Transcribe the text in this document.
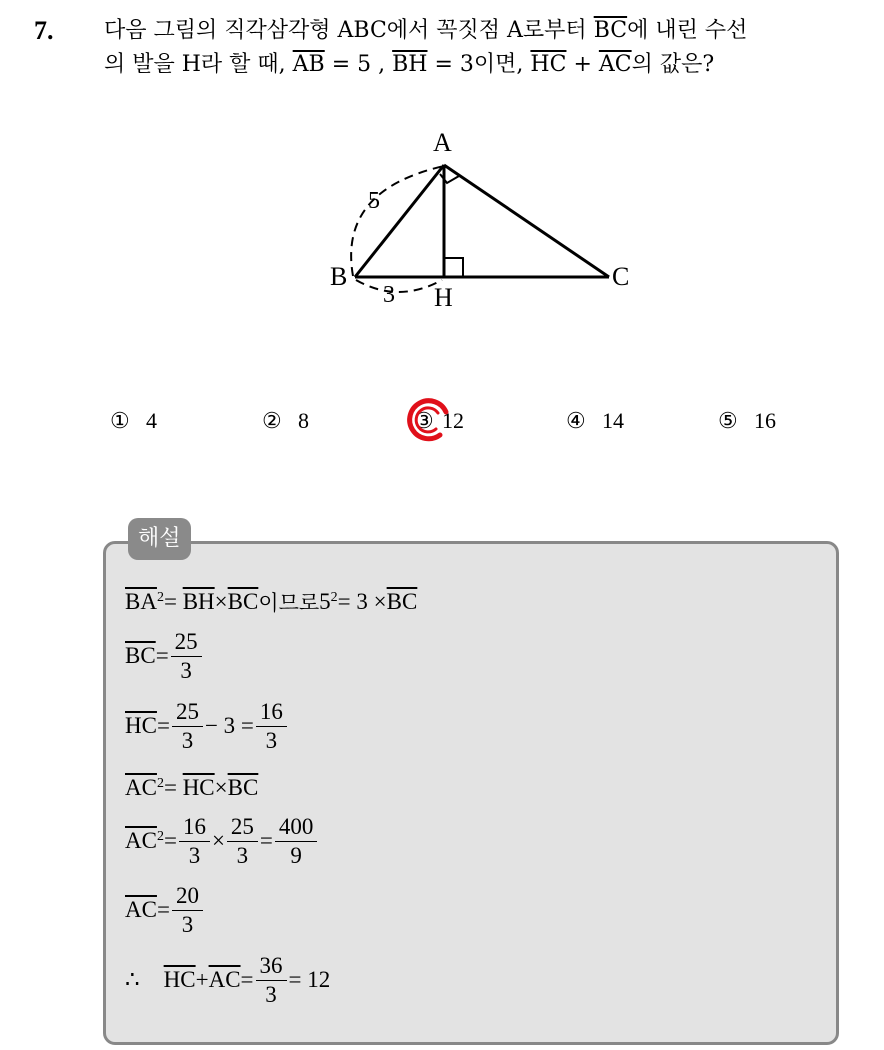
7. 다음 그림의 직각삼각형 ABC에서 꼭짓점 A로부터 $\overline{BC}$에 내린 수선
의 발을 H라 할 때, $\overline{AB} = 5$ , $\overline{BH} = 3$이면, $\overline{HC} + \overline{AC}$의 값은?
A
B	C
H
5
3
① 4	② 8	③ 12	④ 14	⑤ 16
해설
$\overline{BA}^2$ =
$\overline{BH} \times \overline{BC}$ 이므로 $5^2 = 3 \times \overline{BC}$
$\overline{BC} = \frac{25}{3}$
$\overline{HC} = \frac{25}{3} - 3 = \frac{16}{3}$
$\overline{AC}^2$ =
$\overline{HC} \times \overline{BC}$
$\overline{AC}^2 = \frac{16}{3} \times \frac{25}{3} = \frac{400}{9}$
$\overline{AC} = \frac{20}{3}$
∴ $\overline{HC} + \overline{AC} = \frac{36}{3} = 12$
